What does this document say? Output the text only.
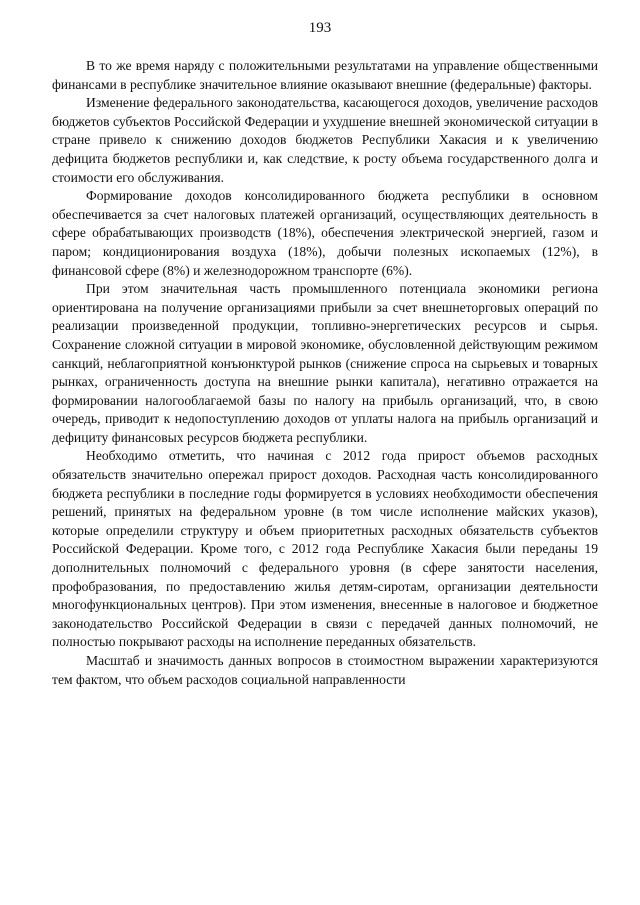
193

В то же время наряду с положительными результатами на управление общественными финансами в республике значительное влияние оказывают внешние (федеральные) факторы.

Изменение федерального законодательства, касающегося доходов, увеличение расходов бюджетов субъектов Российской Федерации и ухудшение внешней экономической ситуации в стране привело к снижению доходов бюджетов Республики Хакасия и к увеличению дефицита бюджетов республики и, как следствие, к росту объема государственного долга и стоимости его обслуживания.

Формирование доходов консолидированного бюджета республики в основном обеспечивается за счет налоговых платежей организаций, осуществляющих деятельность в сфере обрабатывающих производств (18%), обеспечения электрической энергией, газом и паром; кондиционирования воздуха (18%), добычи полезных ископаемых (12%), в финансовой сфере (8%) и железнодорожном транспорте (6%).

При этом значительная часть промышленного потенциала экономики региона ориентирована на получение организациями прибыли за счет внешнеторговых операций по реализации произведенной продукции, топливно-энергетических ресурсов и сырья. Сохранение сложной ситуации в мировой экономике, обусловленной действующим режимом санкций, неблагоприятной конъюнктурой рынков (снижение спроса на сырьевых и товарных рынках, ограниченность доступа на внешние рынки капитала), негативно отражается на формировании налогооблагаемой базы по налогу на прибыль организаций, что, в свою очередь, приводит к недопоступлению доходов от уплаты налога на прибыль организаций и дефициту финансовых ресурсов бюджета республики.

Необходимо отметить, что начиная с 2012 года прирост объемов расходных обязательств значительно опережал прирост доходов. Расходная часть консолидированного бюджета республики в последние годы формируется в условиях необходимости обеспечения решений, принятых на федеральном уровне (в том числе исполнение майских указов), которые определили структуру и объем приоритетных расходных обязательств субъектов Российской Федерации. Кроме того, с 2012 года Республике Хакасия были переданы 19 дополнительных полномочий с федерального уровня (в сфере занятости населения, профобразования, по предоставлению жилья детям-сиротам, организации деятельности многофункциональных центров). При этом изменения, внесенные в налоговое и бюджетное законодательство Российской Федерации в связи с передачей данных полномочий, не полностью покрывают расходы на исполнение переданных обязательств.

Масштаб и значимость данных вопросов в стоимостном выражении характеризуются тем фактом, что объем расходов социальной направленности
